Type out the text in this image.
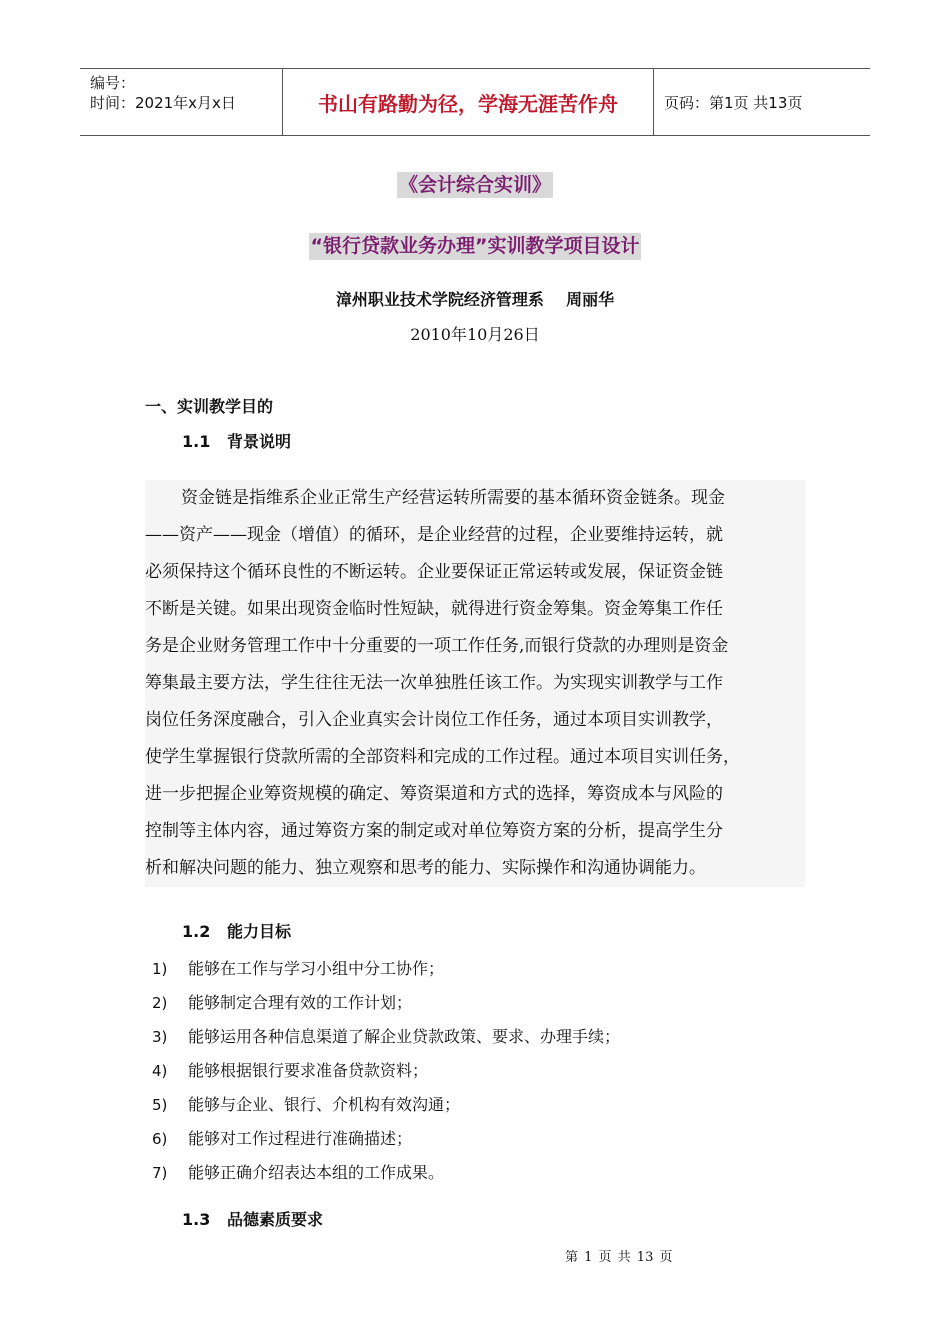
编号：
时间：2021年x月x日	书山有路勤为径，学海无涯苦作舟	页码：第1页 共13页
《会计综合实训》
“银行贷款业务办理”实训教学项目设计
漳州职业技术学院经济管理系    周丽华
2010年10月26日
一、实训教学目的
1.1   背景说明
资金链是指维系企业正常生产经营运转所需要的基本循环资金链条。现金
——资产——现金（增值）的循环，是企业经营的过程，企业要维持运转，就
必须保持这个循环良性的不断运转。企业要保证正常运转或发展，保证资金链
不断是关键。如果出现资金临时性短缺，就得进行资金筹集。资金筹集工作任
务是企业财务管理工作中十分重要的一项工作任务,而银行贷款的办理则是资金
筹集最主要方法，学生往往无法一次单独胜任该工作。为实现实训教学与工作
岗位任务深度融合，引入企业真实会计岗位工作任务，通过本项目实训教学，
使学生掌握银行贷款所需的全部资料和完成的工作过程。通过本项目实训任务，
进一步把握企业筹资规模的确定、筹资渠道和方式的选择，筹资成本与风险的
控制等主体内容，通过筹资方案的制定或对单位筹资方案的分析，提高学生分
析和解决问题的能力、独立观察和思考的能力、实际操作和沟通协调能力。
1.2   能力目标
1)	能够在工作与学习小组中分工协作；
2)	能够制定合理有效的工作计划；
3)	能够运用各种信息渠道了解企业贷款政策、要求、办理手续；
4)	能够根据银行要求准备贷款资料；
5)	能够与企业、银行、介机构有效沟通；
6)	能够对工作过程进行准确描述；
7)	能够正确介绍表达本组的工作成果。
1.3   品德素质要求
第 1 页 共 13 页
